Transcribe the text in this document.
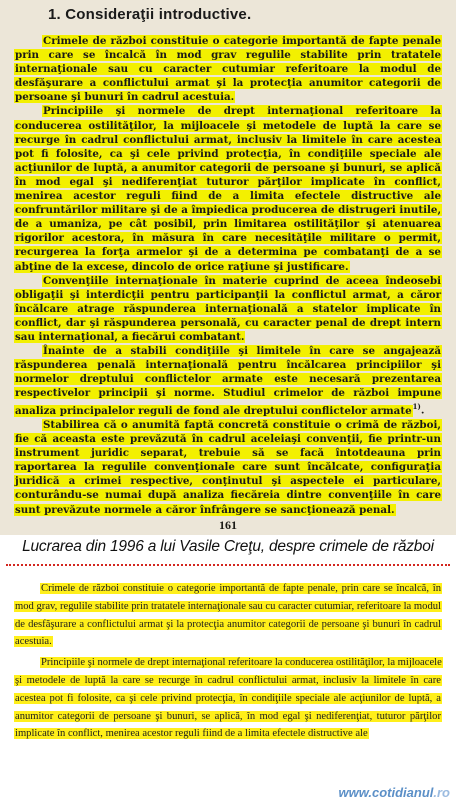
1. Consideraţii introductive.

Crimele de război constituie o categorie importantă de fapte penale prin care se încalcă în mod grav regulile stabilite prin tratatele internaţionale sau cu caracter cutumiar referitoare la modul de desfăşurare a conflictului armat şi la protecţia anumitor categorii de persoane şi bunuri în cadrul acestuia.

Principiile şi normele de drept internaţional referitoare la conducerea ostilităţilor, la mijloacele şi metodele de luptă la care se recurge în cadrul conflictului armat, inclusiv la limitele în care acestea pot fi folosite, ca şi cele privind protecţia, în condiţiile speciale ale acţiunilor de luptă, a anumitor categorii de persoane şi bunuri, se aplică în mod egal şi nediferenţiat tuturor părţilor implicate în conflict, menirea acestor reguli fiind de a limita efectele distructive ale confruntărilor militare şi de a împiedica producerea de distrugeri inutile, de a umaniza, pe cât posibil, prin limitarea ostilităţilor şi atenuarea rigorilor acestora, în măsura în care necesităţile militare o permit, recurgerea la forţa armelor şi de a determina pe combatanţi de a se abţine de la excese, dincolo de orice raţiune şi justificare.

Convenţiile internaţionale în materie cuprind de aceea îndeosebi obligaţii şi interdicţii pentru participanţii la conflictul armat, a căror încălcare atrage răspunderea internaţională a statelor implicate în conflict, dar şi răspunderea personală, cu caracter penal de drept intern sau internaţional, a fiecărui combatant.

Înainte de a stabili condiţiile şi limitele în care se angajează răspunderea penală internaţională pentru încălcarea principiilor şi normelor dreptului conflictelor armate este necesară prezentarea respectivelor principii şi norme. Studiul crimelor de război impune analiza principalelor reguli de fond ale dreptului conflictelor armate$^{1)}$.

Stabilirea că o anumită faptă concretă constituie o crimă de război, fie că aceasta este prevăzută în cadrul aceleiaşi convenţii, fie printr-un instrument juridic separat, trebuie să se facă întotdeauna prin raportarea la regulile convenţionale care sunt încălcate, configuraţia juridică a crimei respective, conţinutul şi aspectele ei particulare, conturându-se numai după analiza fiecăreia dintre convenţiile în care sunt prevăzute normele a căror înfrângere se sancţionează penal.

161
Lucrarea din 1996 a lui Vasile Creţu, despre crimele de război

Crimele de război constituie o categorie importantă de fapte penale, prin care se încalcă, în mod grav, regulile stabilite prin tratatele internaţionale sau cu caracter cutumiar, referitoare la modul de desfăşurare a conflictului armat şi la protecţia anumitor categorii de persoane şi bunuri în cadrul acestuia.

Principiile şi normele de drept internaţional referitoare la conducerea ostilităţilor, la mijloacele şi metodele de luptă la care se recurge în cadrul conflictului armat, inclusiv la limitele în care acestea pot fi folosite, ca şi cele privind protecţia, în condiţiile speciale ale acţiunilor de luptă, a anumitor categorii de persoane şi bunuri, se aplică, în mod egal şi nediferenţiat, tuturor părţilor implicate în conflict, menirea acestor reguli fiind de a limita efectele distructive ale

www.cotidianul.ro
